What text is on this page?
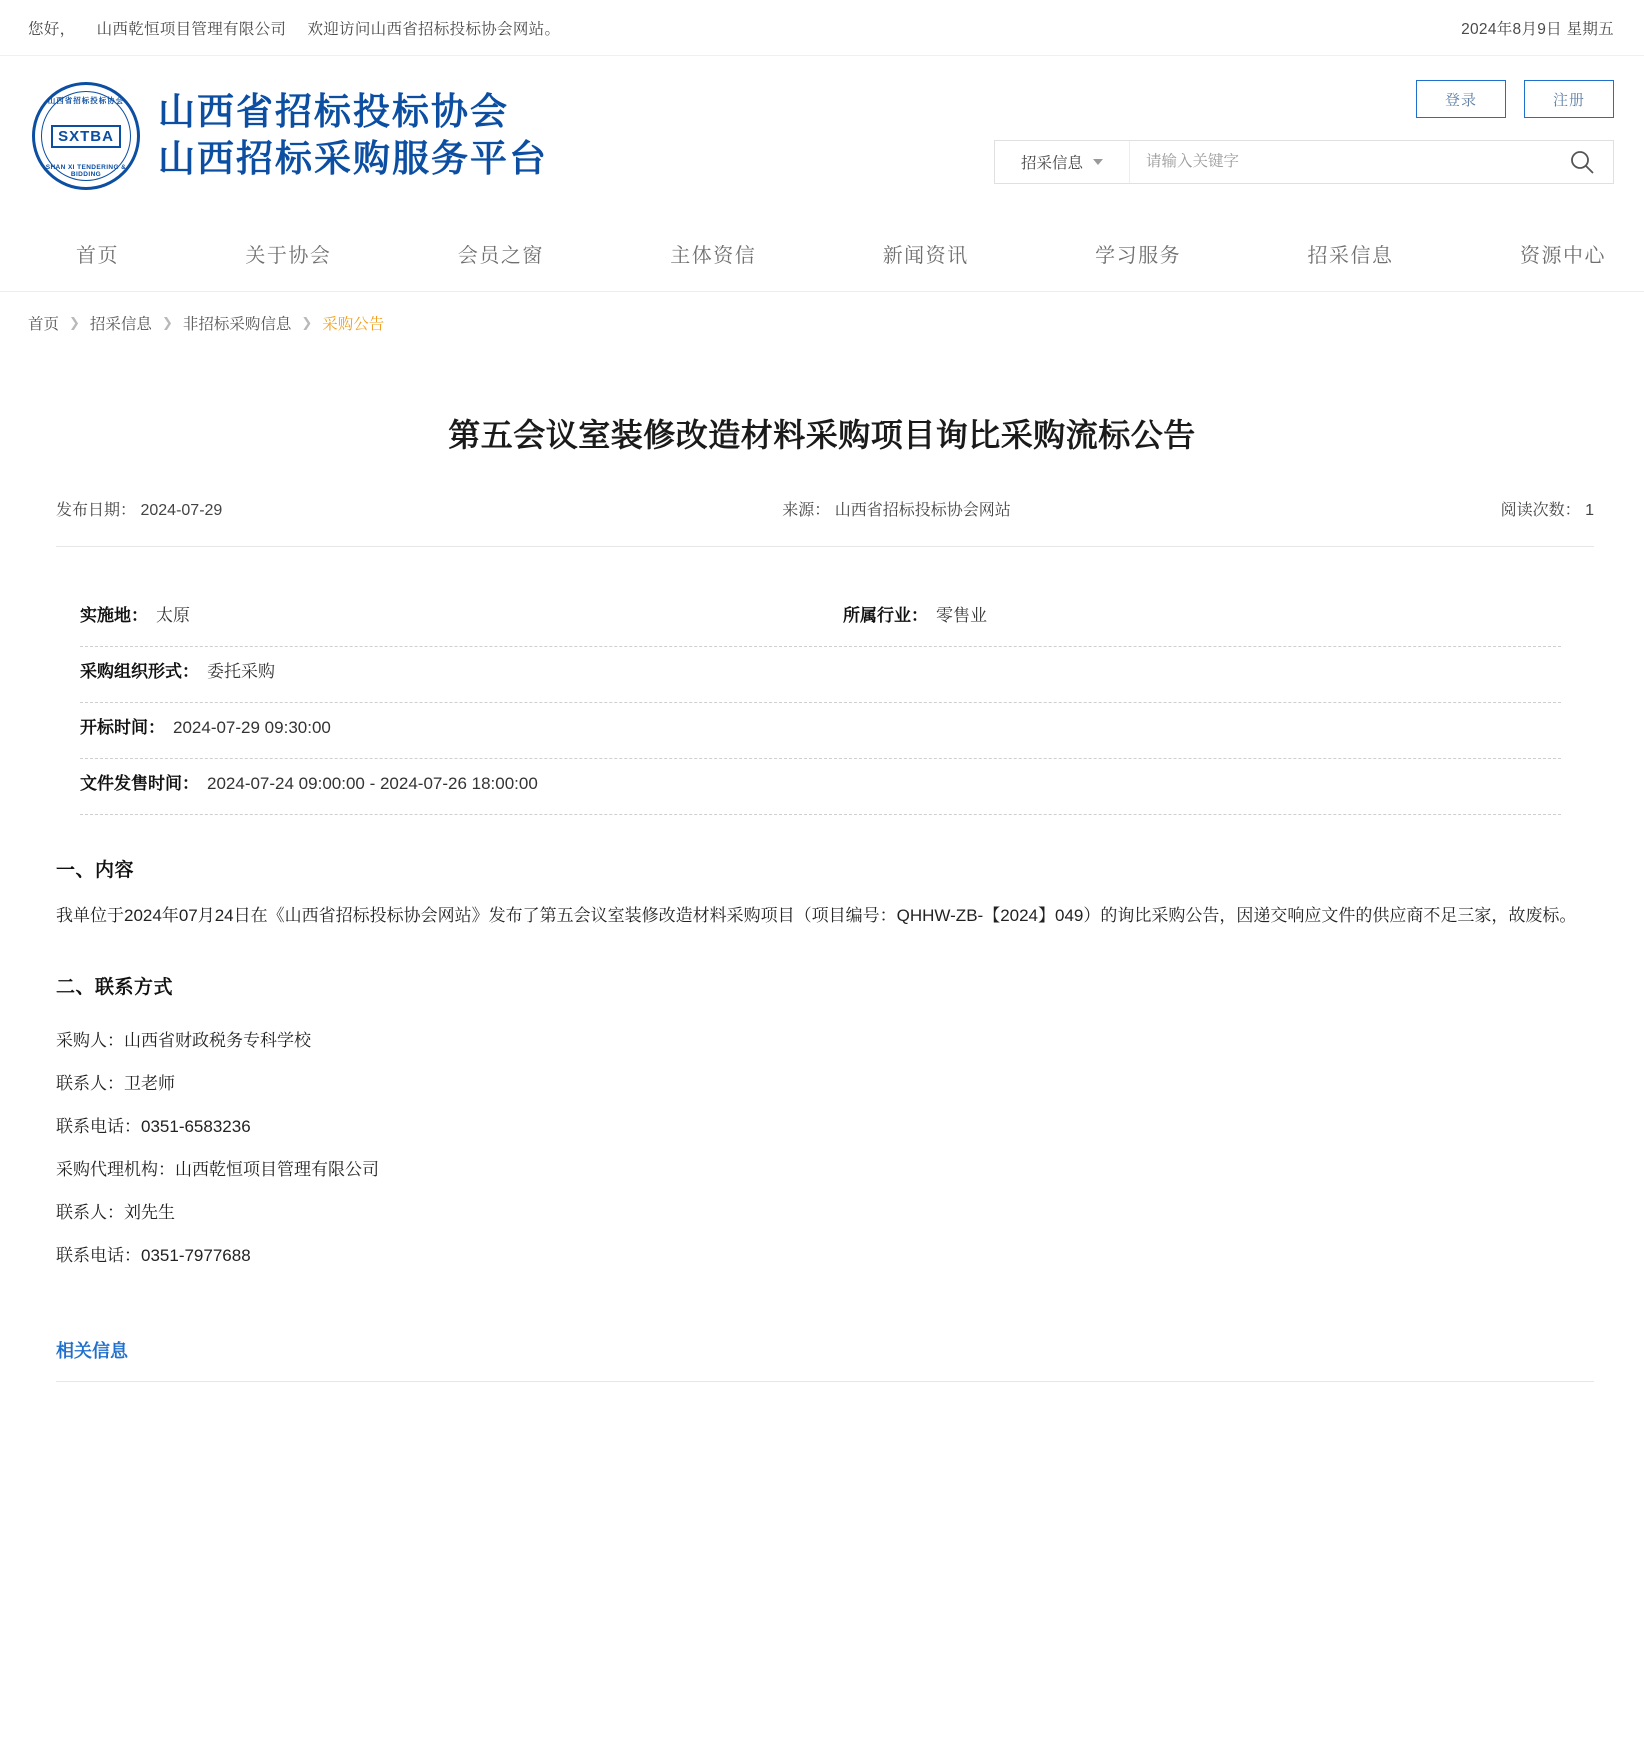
您好， 山西乾恒项目管理有限公司 欢迎访问山西省招标投标协会网站。	2024年8月9日 星期五
山西省招标投标协会
SXTBA
SHAN XI TENDERING & BIDDING
山西省招标投标协会
山西招标采购服务平台
登录	注册
招采信息
请输入关键字
首页	关于协会	会员之窗	主体资信	新闻资讯	学习服务	招采信息	资源中心
首页 ❯ 招采信息 ❯ 非招标采购信息 ❯ 采购公告
第五会议室装修改造材料采购项目询比采购流标公告
发布日期： 2024-07-29	来源： 山西省招标投标协会网站	阅读次数： 1
实施地： 太原	所属行业： 零售业
采购组织形式： 委托采购
开标时间： 2024-07-29 09:30:00
文件发售时间： 2024-07-24 09:00:00 - 2024-07-26 18:00:00
一、内容

我单位于2024年07月24日在《山西省招标投标协会网站》发布了第五会议室装修改造材料采购项目（项目编号：QHHW-ZB-【2024】049）的询比采购公告，因递交响应文件的供应商不足三家，故废标。

二、联系方式
采购人：山西省财政税务专科学校
联系人：卫老师
联系电话：0351-6583236
采购代理机构：山西乾恒项目管理有限公司
联系人：刘先生
联系电话：0351-7977688
相关信息
